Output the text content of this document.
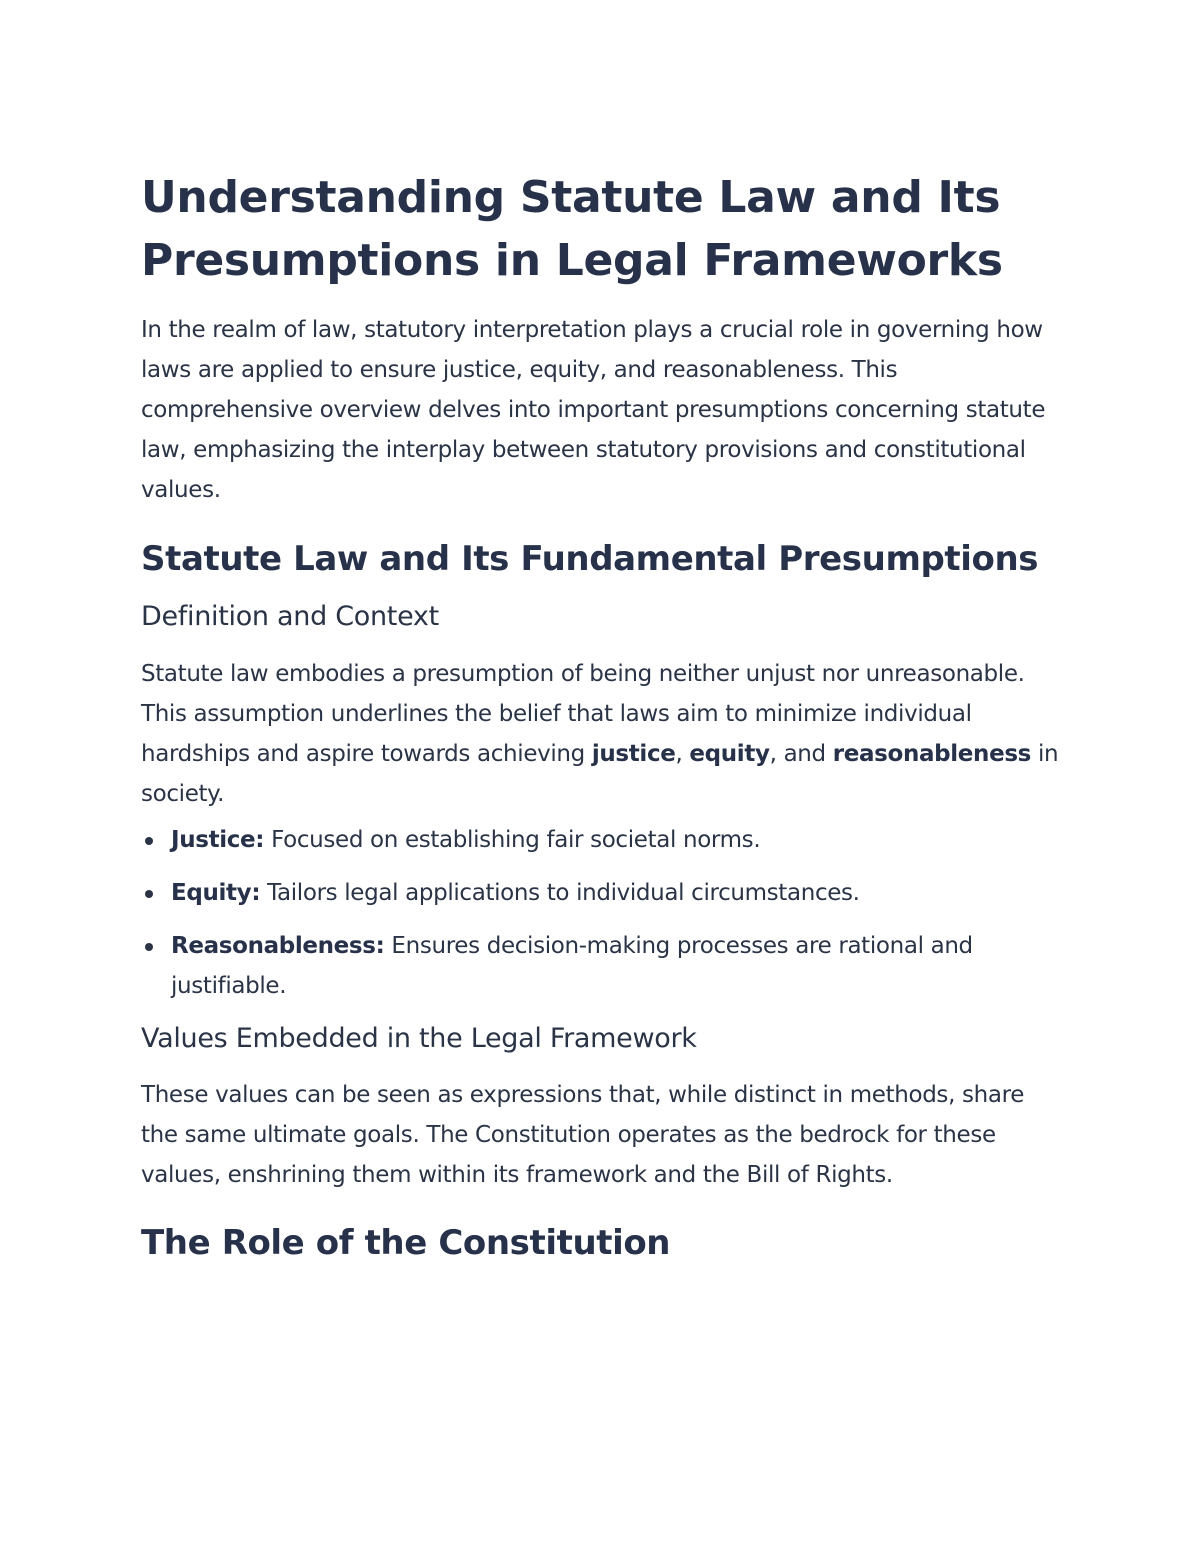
Understanding Statute Law and Its Presumptions in Legal Frameworks

In the realm of law, statutory interpretation plays a crucial role in governing how laws are applied to ensure justice, equity, and reasonableness. This comprehensive overview delves into important presumptions concerning statute law, emphasizing the interplay between statutory provisions and constitutional values.

Statute Law and Its Fundamental Presumptions
Definition and Context

Statute law embodies a presumption of being neither unjust nor unreasonable. This assumption underlines the belief that laws aim to minimize individual hardships and aspire towards achieving justice, equity, and reasonableness in society.

Justice: Focused on establishing fair societal norms.
Equity: Tailors legal applications to individual circumstances.
Reasonableness: Ensures decision-making processes are rational and justifiable.
Values Embedded in the Legal Framework

These values can be seen as expressions that, while distinct in methods, share the same ultimate goals. The Constitution operates as the bedrock for these values, enshrining them within its framework and the Bill of Rights.

The Role of the Constitution
